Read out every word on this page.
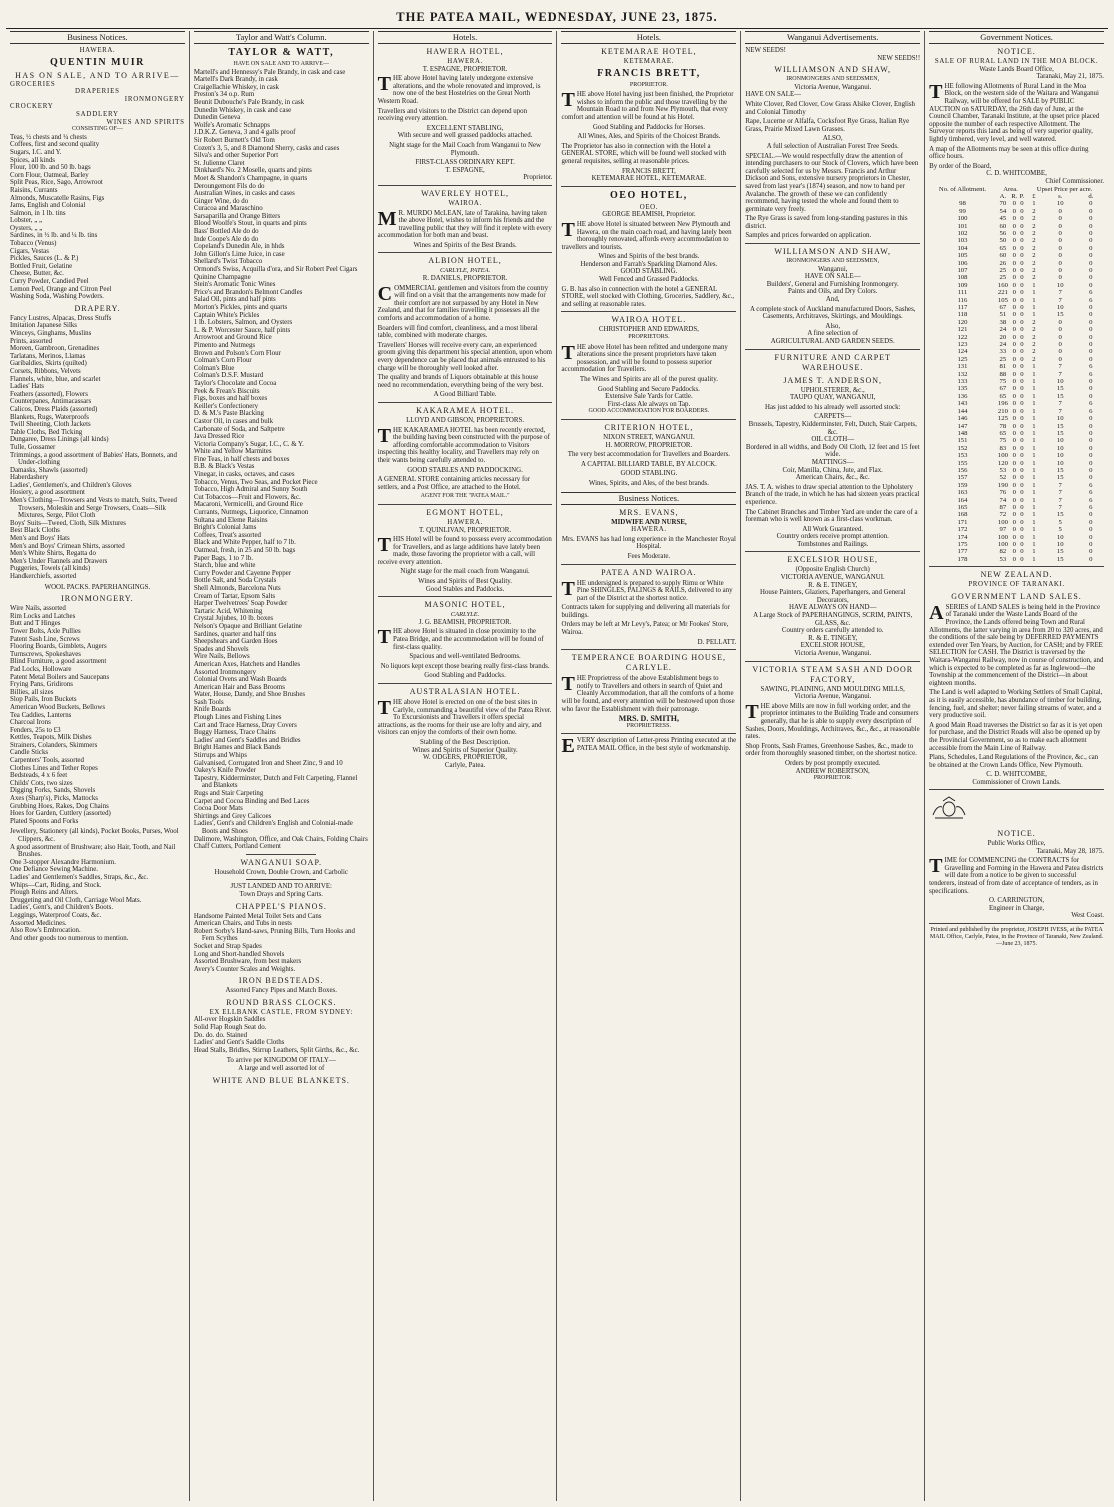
THE PATEA MAIL, WEDNESDAY, JUNE 23, 1875.
Business Notices.
HAWERA.
QUENTIN MUIR
HAS ON SALE, AND TO ARRIVE—
GROCERIES
DRAPERIES
IRONMONGERY
CROCKERY
SADDLERY
WINES AND SPIRITS
CONSISTING OF—
Teas, ½ chests and ¼ chests
Coffees, first and second quality
Sugars, I.C. and Y.
Spices, all kinds
Flour, 100 lb. and 50 lb. bags
Corn Flour, Oatmeal, Barley
Split Peas, Rice, Sago, Arrowroot
Raisins, Currants
Almonds, Muscatelle Rasins, Figs
Jams, English and Colonial
Salmon, in 1 lb. tins
Lobster, „ „
Oysters, „ „
Sardines, in ½ lb. and ¼ lb. tins
Tobacco (Venus)
Cigars, Vestas
Pickles, Sauces (L. & P.)
Bottled Fruit, Gelatine
Cheese, Butter, &c.
Curry Powder, Candied Peel
Lemon Peel, Orange and Citron Peel
Washing Soda, Washing Powders.
DRAPERY.
Fancy Lustres, Alpacas, Dress Stuffs
Imitation Japanese Silks
Winceys, Ginghams, Muslins
Prints, assorted
Moreen, Gambroon, Grenadines
Tarlatans, Merinos, Llamas
Garibaldies, Skirts (quilted)
Corsets, Ribbons, Velvets
Flannels, white, blue, and scarlet
Ladies' Hats
Feathers (assorted), Flowers
Counterpanes, Antimacassars
Calicos, Dress Plaids (assorted)
Blankets, Rugs, Waterproofs
Twill Sheeting, Cloth Jackets
Table Cloths, Bed Ticking
Dungaree, Dress Linings (all kinds)
Tulle, Gossamer
Trimmings, a good assortment of Babies' Hats, Bonnets, and Under-clothing
Damasks, Shawls (assorted)
Haberdashery
Ladies', Gentlemen's, and Children's Gloves
Hosiery, a good assortment
Men's Clothing—Trowsers and Vests to match, Suits, Tweed Trowsers, Moleskin and Serge Trowsers, Coats—Silk Mixtures, Serge, Pilot Cloth
Boys' Suits—Tweed, Cloth, Silk Mixtures
Best Black Cloths
Men's and Boys' Hats
Men's and Boys' Crimean Shirts, assorted
Men's White Shirts, Regatta do
Men's Under Flannels and Drawers
Puggeries, Towels (all kinds)
Handkerchiefs, assorted
WOOL PACKS. PAPERHANGINGS.
IRONMONGERY.
Wire Nails, assorted
Rim Locks and Latches
Butt and T Hinges
Tower Bolts, Axle Pullies
Patent Sash Line, Screws
Flooring Boards, Gimblets, Augers
Turnscrews, Spokeshaves
Blind Furniture, a good assortment
Pad Locks, Holloware
Patent Metal Boilers and Saucepans
Frying Pans, Gridirons
Billies, all sizes
Slop Pails, Iron Buckets
American Wood Buckets, Bellows
Tea Caddies, Lanterns
Charcoal Irons
Fenders, 25s to £3
Kettles, Teapots, Milk Dishes
Strainers, Colanders, Skimmers
Candle Sticks
Carpenters' Tools, assorted
Clothes Lines and Tether Ropes
Bedsteads, 4 x 6 feet
Childs' Cots, two sizes
Digging Forks, Sands, Shovels
Axes (Sharp's), Picks, Mattocks
Grubbing Hoes, Rakes, Dog Chains
Hoes for Garden, Cuttlery (assorted)
Plated Spoons and Forks
Jewellery, Stationery (all kinds), Pocket Books, Purses, Wool Clippers, &c.
A good assortment of Brushware; also Hair, Tooth, and Nail Brushes.
One 3-stopper Alexandre Harmonium.
One Defiance Sewing Machine.
Ladies' and Gentlemen's Saddles, Straps, &c., &c.
Whips—Cart, Riding, and Stock.
Plough Reins and Alters.
Druggeting and Oil Cloth, Carriage Wool Mats.
Ladies', Gent's, and Children's Boots.
Leggings, Waterproof Coats, &c.
Assorted Medicines.
Also Row's Embrocation.
And other goods too numerous to mention.
Taylor and Watt's Column.
TAYLOR & WATT,
HAVE ON SALE AND TO ARRIVE—
Martell's and Hennessy's Pale Brandy, in cask and case
Martell's Dark Brandy, in cask
Craigellachie Whiskey, in cask
Preston's 34 o.p. Rum
Beunit Dubouche's Pale Brandy, in cask
Dunedin Whiskey, in cask and case
Dunedin Geneva
Wolfe's Aromatic Schnapps
J.D.K.Z. Geneva, 3 and 4 galls proof
Sir Robert Burnett's Old Tom
Cozen's 3, 5, and 8 Diamond Sherry, casks and cases
Silva's and other Superior Port
St. Julienne Claret
Dinkhard's No. 2 Moselle, quarts and pints
Moet & Shandon's Champagne, in quarts
Deroungemont Fils do do
Australian Wines, in casks and cases
Ginger Wine, do do
Curacoa and Maraschino
Sarsaparilla and Orange Bitters
Blood Woolfe's Stout, in quarts and pints
Bass' Bottled Ale do do
Inde Coope's Ale do do
Copeland's Dunedin Ale, in hhds
John Gillon's Lime Juice, in case
Shellard's Twist Tobacco
Ormond's Swiss, Acquilla d'ora, and Sir Robert Peel Cigars
Quinine Champagne
Stein's Aromatic Tonic Wines
Price's and Brandon's Belmont Candles
Salad Oil, pints and half pints
Morton's Pickles, pints and quarts
Captain White's Pickles
1 lb. Lobsters, Salmon, and Oysters
L. & P. Worcester Sauce, half pints
Arrowroot and Ground Rice
Pimento and Nutmegs
Brown and Polson's Corn Flour
Colman's Corn Flour
Colman's Blue
Colman's D.S.F. Mustard
Taylor's Chocolate and Cocoa
Peek & Frean's Biscuits
Figs, boxes and half boxes
Keiller's Confectionery
D. & M.'s Paste Blacking
Castor Oil, in cases and bulk
Carbonate of Soda, and Saltpetre
Java Dressed Rice
Victoria Company's Sugar, I.C., C. & Y.
White and Yellow Marmites
Fine Teas, in half chests and boxes
B.B. & Black's Vestas
Vinegar, in casks, octaves, and cases
Tobacco, Venus, Two Seas, and Pocket Piece
Tobacco, High Admiral and Sunny South
Cut Tobaccos—Fruit and Flowers, &c.
Macaroni, Vermicelli, and Ground Rice
Currants, Nutmegs, Liquorice, Cinnamon
Sultana and Eleme Raisins
Bright's Colonial Jams
Coffees, Treat's assorted
Black and White Pepper, half to 7 lb.
Oatmeal, fresh, in 25 and 50 lb. bags
Paper Bags, 1 to 7 lb.
Starch, blue and white
Curry Powder and Cayenne Pepper
Bottle Salt, and Soda Crystals
Shell Almonds, Barcelona Nuts
Cream of Tartar, Epsom Salts
Harper Twelvetrees' Soap Powder
Tartaric Acid, Whitening
Crystal Jujubes, 10 lb. boxes
Nelson's Opaque and Brilliant Gelatine
Sardines, quarter and half tins
Sheepshears and Garden Hoes
Spades and Shovels
Wire Nails, Bellows
American Axes, Hatchets and Handles
Assorted Ironmongery
Colonial Ovens and Wash Boards
American Hair and Bass Brooms
Water, House, Dandy, and Shoe Brushes
Sash Tools
Knife Boards
Plough Lines and Fishing Lines
Cart and Trace Harness, Dray Covers
Buggy Harness, Trace Chains
Ladies' and Gent's Saddles and Bridles
Bright Hames and Black Bands
Stirrups and Whips
Galvanised, Corrugated Iron and Sheet Zinc, 9 and 10
Oakey's Knife Powder
Tapestry, Kidderminster, Dutch and Felt Carpeting, Flannel and Blankets
Rugs and Stair Carpeting
Carpet and Cocoa Binding and Bed Laces
Cocoa Door Mats
Shirtings and Grey Calicoes
Ladies', Gent's and Children's English and Colonial-made Boots and Shoes
Dalimore, Washington, Office, and Oak Chairs, Folding Chairs
Chaff Cutters, Portland Cement
WANGANUI SOAP.
Household Crown, Double Crown, and Carbolic
JUST LANDED AND TO ARRIVE:
Town Drays and Spring Carts.
CHAPPEL'S PIANOS.
Handsome Painted Metal Toilet Sets and Cans
American Chairs, and Tubs in nests
Robert Sorby's Hand-saws, Pruning Bills, Turn Hooks and Fern Scythes
Socket and Strap Spades
Long and Short-handled Shovels
Assorted Brushware, from best makers
Avery's Counter Scales and Weights.
IRON BEDSTEADS.
Assorted Fancy Pipes and Match Boxes.
ROUND BRASS CLOCKS.
EX ELLBANK CASTLE, FROM SYDNEY:
All-over Hogskin Saddles
Solid Flap Rough Seat do.
Do. do. do. Stained
Ladies' and Gent's Saddle Cloths
Head Stalls, Bridles, Stirrup Leathers, Split Girths, &c., &c.
To arrive per KINGDOM OF ITALY—
A large and well assorted lot of
WHITE AND BLUE BLANKETS.
Hotels.
HAWERA HOTEL,
HAWERA.
T. ESPAGNE, PROPRIETOR.

THE above Hotel having lately undergone extensive alterations, and the whole renovated and improved, is now one of the best Hostelries on the Great North Western Road.

Travellers and visitors to the District can depend upon receiving every attention.

EXCELLENT STABLING,
With secure and well grassed paddocks attached.

Night stage for the Mail Coach from Wanganui to New Plymouth.

FIRST-CLASS ORDINARY KEPT.
T. ESPAGNE,
Proprietor.
WAVERLEY HOTEL,
WAIROA.

MR. MURDO McLEAN, late of Tarakina, having taken the above Hotel, wishes to inform his friends and the travelling public that they will find it replete with every accommodation for both man and beast.

Wines and Spirits of the Best Brands.
ALBION HOTEL,
CARLYLE, PATEA.
R. DANIELS, PROPRIETOR.

COMMERCIAL gentlemen and visitors from the country will find on a visit that the arrangements now made for their comfort are not surpassed by any Hotel in New Zealand, and that for families travelling it possesses all the comforts and accommodation of a home.

Boarders will find comfort, cleanliness, and a most liberal table, combined with moderate charges.

Travellers' Horses will receive every care, an experienced groom giving this department his special attention, upon whom every dependence can be placed that animals entrusted to his charge will be thoroughly well looked after.

The quality and brands of Liquors obtainable at this house need no recommendation, everything being of the very best.

A Good Billiard Table.
KAKARAMEA HOTEL.
LLOYD AND GIBSON, PROPRIETORS.

THE KAKARAMEA HOTEL has been recently erected, the building having been constructed with the purpose of affording comfortable accommodation to Visitors inspecting this healthy locality, and Travellers may rely on their wants being carefully attended to.

GOOD STABLES AND PADDOCKING.

A GENERAL STORE containing articles necessary for settlers, and a Post Office, are attached to the Hotel.

AGENT FOR THE "PATEA MAIL."
EGMONT HOTEL,
HAWERA.
T. QUINLIVAN, PROPRIETOR.

THIS Hotel will be found to possess every accommodation for Travellers, and as large additions have lately been made, those favoring the proprietor with a call, will receive every attention.

Night stage for the mail coach from Wanganui.

Wines and Spirits of Best Quality.
Good Stables and Paddocks.
MASONIC HOTEL,
CARLYLE.
J. G. BEAMISH, PROPRIETOR.

THE above Hotel is situated in close proximity to the Patea Bridge, and the accommodation will be found of first-class quality.

Spacious and well-ventilated Bedrooms.

No liquors kept except those bearing really first-class brands.

Good Stabling and Paddocks.
AUSTRALASIAN HOTEL.

THE above Hotel is erected on one of the best sites in Carlyle, commanding a beautiful view of the Patea River. To Excursionists and Travellers it offers special attractions, as the rooms for their use are lofty and airy, and visitors can enjoy the comforts of their own home.

Stabling of the Best Description.
Wines and Spirits of Superior Quality.
W. ODGERS, PROPRIETOR,
Carlyle, Patea.
Hotels.
KETEMARAE HOTEL,
KETEMARAE.
FRANCIS BRETT,
PROPRIETOR.

THE above Hotel having just been finished, the Proprietor wishes to inform the public and those travelling by the Mountain Road to and from New Plymouth, that every comfort and attention will be found at his Hotel.

Good Stabling and Paddocks for Horses.

All Wines, Ales, and Spirits of the Choicest Brands.

The Proprietor has also in connection with the Hotel a GENERAL STORE, which will be found well stocked with general requisites, selling at reasonable prices.

FRANCIS BRETT,
KETEMARAE HOTEL, KETEMARAE.
OEO HOTEL,
OEO.
GEORGE BEAMISH, Proprietor.

THE above Hotel is situated between New Plymouth and Hawera, on the main coach road, and having lately been thoroughly renovated, affords every accommodation to travellers and tourists.

Wines and Spirits of the best brands.
Henderson and Farrah's Sparkling Diamond Ales.
GOOD STABLING.
Well Fenced and Grassed Paddocks.

G. B. has also in connection with the hotel a GENERAL STORE, well stocked with Clothing, Groceries, Saddlery, &c., and selling at reasonable rates.

WAIROA HOTEL.
CHRISTOPHER AND EDWARDS,
PROPRIETORS.

THE above Hotel has been refitted and undergone many alterations since the present proprietors have taken possession, and will be found to possess superior accommodation for Travellers.

The Wines and Spirits are all of the purest quality.

Good Stabling and Secure Paddocks.
Extensive Sale Yards for Cattle.
First-class Ale always on Tap.
GOOD ACCOMMODATION FOR BOARDERS.
CRITERION HOTEL,
NIXON STREET, WANGANUI.
H. MORROW, PROPRIETOR.

The very best accommodation for Travellers and Boarders.

A CAPITAL BILLIARD TABLE, BY ALCOCK.

GOOD STABLING.

Wines, Spirits, and Ales, of the best brands.

Business Notices.
MRS. EVANS,
MIDWIFE AND NURSE,
HAWERA.

Mrs. EVANS has had long experience in the Manchester Royal Hospital.

Fees Moderate.
PATEA AND WAIROA.

THE undersigned is prepared to supply Rimu or White Pine SHINGLES, PALINGS & RAILS, delivered to any part of the District at the shortest notice.

Contracts taken for supplying and delivering all materials for buildings.

Orders may be left at Mr Levy's, Patea; or Mr Fookes' Store, Wairoa.

D. PELLATT.
TEMPERANCE BOARDING HOUSE, CARLYLE.

THE Proprietress of the above Establishment begs to notify to Travellers and others in search of Quiet and Cleanly Accommodation, that all the comforts of a home will be found, and every attention will be bestowed upon those who favor the Establishment with their patronage.

MRS. D. SMITH,
PROPRIETRESS.

EVERY description of Letter-press Printing executed at the PATEA MAIL Office, in the best style of workmanship.

Wanganui Advertisements.
NEW SEEDS!
NEW SEEDS!!
WILLIAMSON AND SHAW,
IRONMONGERS AND SEEDSMEN,
Victoria Avenue, Wanganui.
HAVE ON SALE—

White Clover, Red Clover, Cow Grass Alsike Clover, English and Colonial Timothy

Rape, Lucerne or Alfalfa, Cocksfoot Rye Grass, Italian Rye Grass, Prairie Mixed Lawn Grasses.

ALSO,
A full selection of Australian Forest Tree Seeds.

SPECIAL.—We would respectfully draw the attention of intending purchasers to our Stock of Clovers, which have been carefully selected for us by Messrs. Francis and Arthur Dickson and Sons, extensive nursery proprietors in Chester, saved from last year's (1874) season, and now to hand per Avalanche. The growth of these we can confidently recommend, having tested the whole and found them to germinate very freely.

The Rye Grass is saved from long-standing pastures in this district.

Samples and prices forwarded on application.

WILLIAMSON AND SHAW,
IRONMONGERS AND SEEDSMEN,
Wanganui,
HAVE ON SALE—
Builders', General and Furnishing Ironmongery.
Paints and Oils, and Dry Colors.
And,

A complete stock of Auckland manufactured Doors, Sashes, Casements, Architraves, Skirtings, and Mouldings.

Also,
A fine selection of
AGRICULTURAL AND GARDEN SEEDS.
FURNITURE AND CARPET WAREHOUSE.
JAMES T. ANDERSON,
UPHOLSTERER, &c.,
TAUPO QUAY, WANGANUI,

Has just added to his already well assorted stock:

CARPETS—
Brussels, Tapestry, Kidderminster, Felt, Dutch, Stair Carpets, &c.
OIL CLOTH—
Bordered in all widths, and Body Oil Cloth, 12 feet and 15 feet wide.
MATTINGS—
Coir, Manilla, China, Jute, and Flax.
American Chairs, &c., &c.

JAS. T. A. wishes to draw special attention to the Upholstery Branch of the trade, in which he has had sixteen years practical experience.

The Cabinet Branches and Timber Yard are under the care of a foreman who is well known as a first-class workman.

All Work Guaranteed.
Country orders receive prompt attention.
Tombstones and Railings.
EXCELSIOR HOUSE,
(Opposite English Church)
VICTORIA AVENUE, WANGANUI.
R. & E. TINGEY,
House Painters, Glaziers, Paperhangers, and General Decorators,
HAVE ALWAYS ON HAND—
A Large Stock of PAPERHANGINGS, SCRIM, PAINTS, GLASS, &c.
Country orders carefully attended to.
R. & E. TINGEY,
EXCELSIOR HOUSE,
Victoria Avenue, Wanganui.
VICTORIA STEAM SASH AND DOOR FACTORY,
SAWING, PLAINING, AND MOULDING MILLS,
Victoria Avenue, Wanganui.

THE above Mills are now in full working order, and the proprietor intimates to the Building Trade and consumers generally, that he is able to supply every description of Sashes, Doors, Mouldings, Architraves, &c., &c., at reasonable rates.

Shop Fronts, Sash Frames, Greenhouse Sashes, &c., made to order from thoroughly seasoned timber, on the shortest notice.

Orders by post promptly executed.
ANDREW ROBERTSON,
PROPRIETOR.
Government Notices.
NOTICE.
SALE OF RURAL LAND IN THE MOA BLOCK.
Waste Lands Board Office,
Taranaki, May 21, 1875.

THE following Allotments of Rural Land in the Moa Block, on the western side of the Waitara and Wanganui Railway, will be offered for SALE by PUBLIC AUCTION on SATURDAY, the 26th day of June, at the Council Chamber, Taranaki Institute, at the upset price placed opposite the number of each respective Allotment. The Surveyor reports this land as being of very superior quality, lightly timbered, very level, and well watered.

A map of the Allotments may be seen at this office during office hours.

By order of the Board,
C. D. WHITCOMBE,
Chief Commissioner.
No. of Allotment.	Area.			Upset Price per acre.		
	A.	R.	P.	£	s.	d.
98	70	0	0	1	10	0
99	54	0	0	2	0	0
100	45	0	0	2	0	0
101	60	0	0	2	0	0
102	56	0	0	2	0	0
103	50	0	0	2	0	0
104	65	0	0	2	0	0
105	60	0	0	2	0	0
106	26	0	0	2	0	0
107	25	0	0	2	0	0
108	25	0	0	2	0	0
109	160	0	0	1	10	0
111	221	0	0	1	7	6
116	105	0	0	1	7	6
117	67	0	0	1	10	0
118	51	0	0	1	15	0
120	38	0	0	2	0	0
121	24	0	0	2	0	0
122	20	0	0	2	0	0
123	24	0	0	2	0	0
124	33	0	0	2	0	0
125	25	0	0	2	0	0
131	81	0	0	1	7	6
132	88	0	0	1	7	6
133	75	0	0	1	10	0
135	67	0	0	1	15	0
136	65	0	0	1	15	0
143	196	0	0	1	7	6
144	210	0	0	1	7	6
146	125	0	0	1	10	0
147	78	0	0	1	15	0
148	65	0	0	1	15	0
151	75	0	0	1	10	0
152	83	0	0	1	10	0
153	100	0	0	1	10	0
155	120	0	0	1	10	0
156	53	0	0	1	15	0
157	52	0	0	1	15	0
159	190	0	0	1	7	6
163	76	0	0	1	7	6
164	74	0	0	1	7	6
165	87	0	0	1	7	6
168	72	0	0	1	15	0
171	100	0	0	1	5	0
172	97	0	0	1	5	0
174	100	0	0	1	10	0
175	100	0	0	1	10	0
177	82	0	0	1	15	0
178	53	0	0	1	15	0
NEW ZEALAND.
PROVINCE OF TARANAKI.
GOVERNMENT LAND SALES.

ASERIES of LAND SALES is being held in the Province of Taranaki under the Waste Lands Board of the Province, the Lands offered being Town and Rural Allotments, the latter varying in area from 20 to 320 acres, and the conditions of the sale being by DEFERRED PAYMENTS extended over Ten Years, by Auction, for CASH; and by FREE SELECTION for CASH. The District is traversed by the Waitara-Wanganui Railway, now in course of construction, and which is expected to be completed as far as Inglewood—the Township at the commencement of the District—in about eighteen months.

The Land is well adapted to Working Settlers of Small Capital, as it is easily accessible, has abundance of timber for building, fencing, fuel, and shelter; never failing streams of water, and a very productive soil.

A good Main Road traverses the District so far as it is yet open for purchase, and the District Roads will also be opened up by the Provincial Government, so as to make each allotment accessible from the Main Line of Railway.

Plans, Schedules, Land Regulations of the Province, &c., can be obtained at the Crown Lands Office, New Plymouth.

C. D. WHITCOMBE,
Commissioner of Crown Lands.
NOTICE.
Public Works Office,
Taranaki, May 28, 1875.

TIME for COMMENCING the CONTRACTS for Gravelling and Forming in the Hawera and Patea districts will date from a notice to be given to successful tenderers, instead of from date of acceptance of tenders, as in specifications.

O. CARRINGTON,
Engineer in Charge,
West Coast.
Printed and published by the proprietor, JOSEPH IVESS, at the PATEA MAIL Office, Carlyle, Patea, in the Province of Taranaki, New Zealand.—June 23, 1875.
